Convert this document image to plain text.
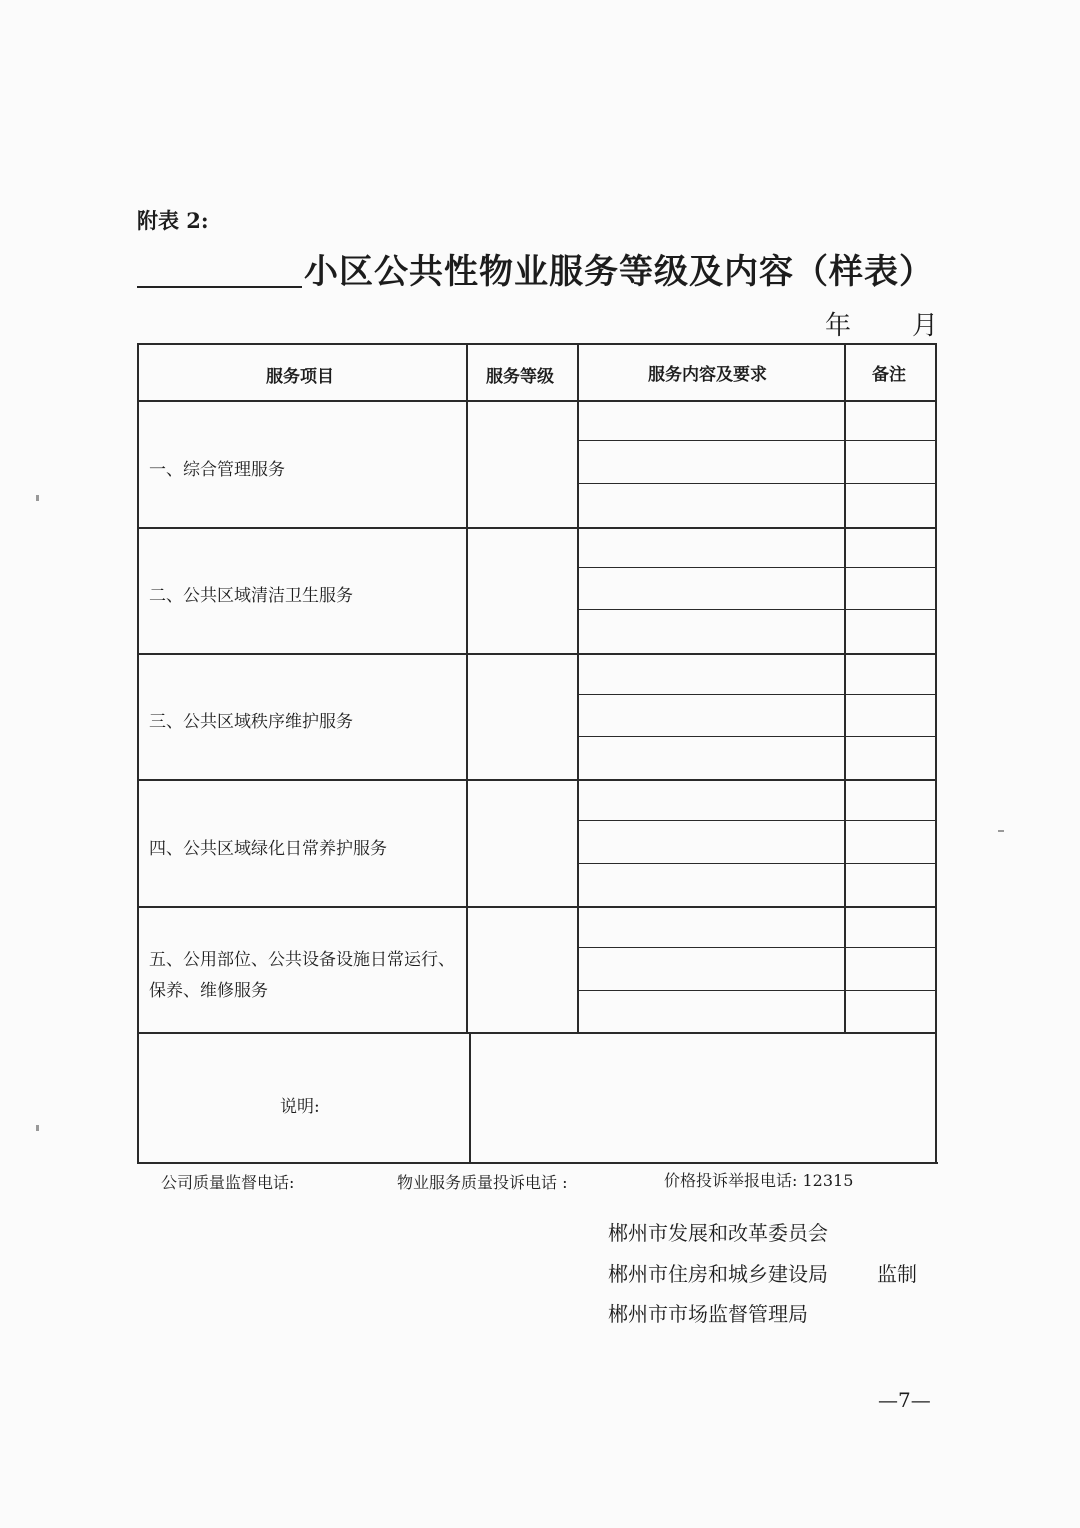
附表 2:
小区公共性物业服务等级及内容（样表）
年 月
服务项目	服务等级	服务内容及要求	备注
一、综合管理服务
二、公共区域清洁卫生服务
三、公共区域秩序维护服务
四、公共区域绿化日常养护服务
五、公用部位、公共设备设施日常运行、
保养、维修服务
说明:
公司质量监督电话:	物业服务质量投诉电话 :	价格投诉举报电话: 12315
郴州市发展和改革委员会
郴州市住房和城乡建设局 监制
郴州市市场监督管理局
—7—
